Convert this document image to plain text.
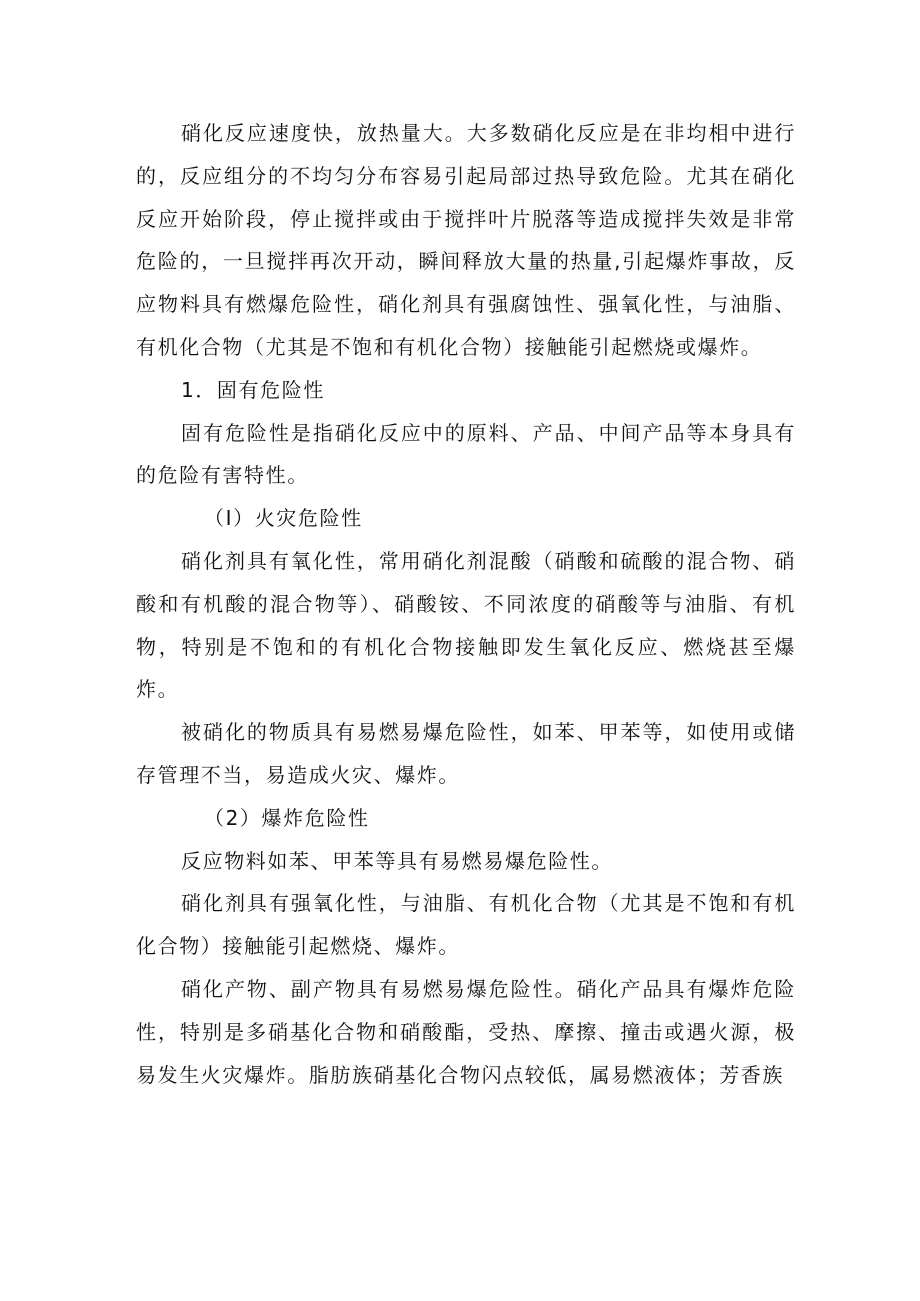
硝化反应速度快，放热量大。大多数硝化反应是在非均相中进行的，反应组分的不均匀分布容易引起局部过热导致危险。尤其在硝化反应开始阶段，停止搅拌或由于搅拌叶片脱落等造成搅拌失效是非常危险的，一旦搅拌再次开动，瞬间释放大量的热量,引起爆炸事故，反应物料具有燃爆危险性，硝化剂具有强腐蚀性、强氧化性，与油脂、有机化合物（尤其是不饱和有机化合物）接触能引起燃烧或爆炸。

1．固有危险性

固有危险性是指硝化反应中的原料、产品、中间产品等本身具有的危险有害特性。

（I）火灾危险性

硝化剂具有氧化性，常用硝化剂混酸（硝酸和硫酸的混合物、硝酸和有机酸的混合物等）、硝酸铵、不同浓度的硝酸等与油脂、有机物，特别是不饱和的有机化合物接触即发生氧化反应、燃烧甚至爆炸。

被硝化的物质具有易燃易爆危险性，如苯、甲苯等，如使用或储存管理不当，易造成火灾、爆炸。

（2）爆炸危险性

反应物料如苯、甲苯等具有易燃易爆危险性。

硝化剂具有强氧化性，与油脂、有机化合物（尤其是不饱和有机化合物）接触能引起燃烧、爆炸。

硝化产物、副产物具有易燃易爆危险性。硝化产品具有爆炸危险性，特别是多硝基化合物和硝酸酯，受热、摩擦、撞击或遇火源，极易发生火灾爆炸。脂肪族硝基化合物闪点较低，属易燃液体；芳香族
